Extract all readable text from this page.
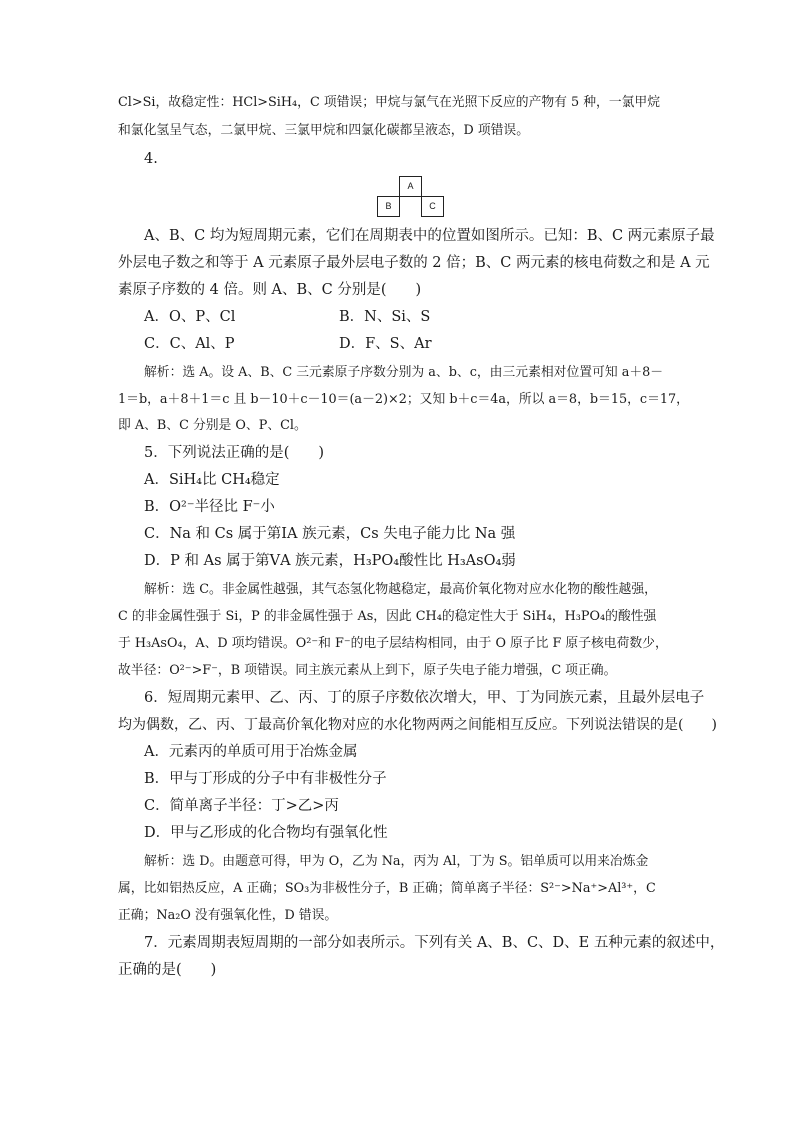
Cl>Si，故稳定性：HCl>SiH₄，C 项错误；甲烷与氯气在光照下反应的产物有 5 种，一氯甲烷
和氯化氢呈气态，二氯甲烷、三氯甲烷和四氯化碳都呈液态，D 项错误。
4.
A
B	C
A、B、C 均为短周期元素，它们在周期表中的位置如图所示。已知：B、C 两元素原子最
外层电子数之和等于 A 元素原子最外层电子数的 2 倍；B、C 两元素的核电荷数之和是 A 元
素原子序数的 4 倍。则 A、B、C 分别是(　　)
A．O、P、Cl	B．N、Si、S
C．C、Al、P	D．F、S、Ar
解析：选 A。设 A、B、C 三元素原子序数分别为 a、b、c，由三元素相对位置可知 a＋8－
1＝b，a＋8＋1＝c 且 b－10＋c－10＝(a－2)×2；又知 b＋c＝4a，所以 a＝8，b＝15，c＝17，
即 A、B、C 分别是 O、P、Cl。
5．下列说法正确的是(　　)
A．SiH₄比 CH₄稳定
B．O²⁻半径比 F⁻小
C．Na 和 Cs 属于第ⅠA 族元素，Cs 失电子能力比 Na 强
D．P 和 As 属于第ⅤA 族元素，H₃PO₄酸性比 H₃AsO₄弱
解析：选 C。非金属性越强，其气态氢化物越稳定，最高价氧化物对应水化物的酸性越强，
C 的非金属性强于 Si，P 的非金属性强于 As，因此 CH₄的稳定性大于 SiH₄，H₃PO₄的酸性强
于 H₃AsO₄，A、D 项均错误。O²⁻和 F⁻的电子层结构相同，由于 O 原子比 F 原子核电荷数少，
故半径：O²⁻>F⁻，B 项错误。同主族元素从上到下，原子失电子能力增强，C 项正确。
6．短周期元素甲、乙、丙、丁的原子序数依次增大，甲、丁为同族元素，且最外层电子
均为偶数，乙、丙、丁最高价氧化物对应的水化物两两之间能相互反应。下列说法错误的是(　　)
A．元素丙的单质可用于冶炼金属
B．甲与丁形成的分子中有非极性分子
C．简单离子半径：丁>乙>丙
D．甲与乙形成的化合物均有强氧化性
解析：选 D。由题意可得，甲为 O，乙为 Na，丙为 Al，丁为 S。铝单质可以用来冶炼金
属，比如铝热反应，A 正确；SO₃为非极性分子，B 正确；简单离子半径：S²⁻>Na⁺>Al³⁺，C
正确；Na₂O 没有强氧化性，D 错误。
7．元素周期表短周期的一部分如表所示。下列有关 A、B、C、D、E 五种元素的叙述中，
正确的是(　　)
